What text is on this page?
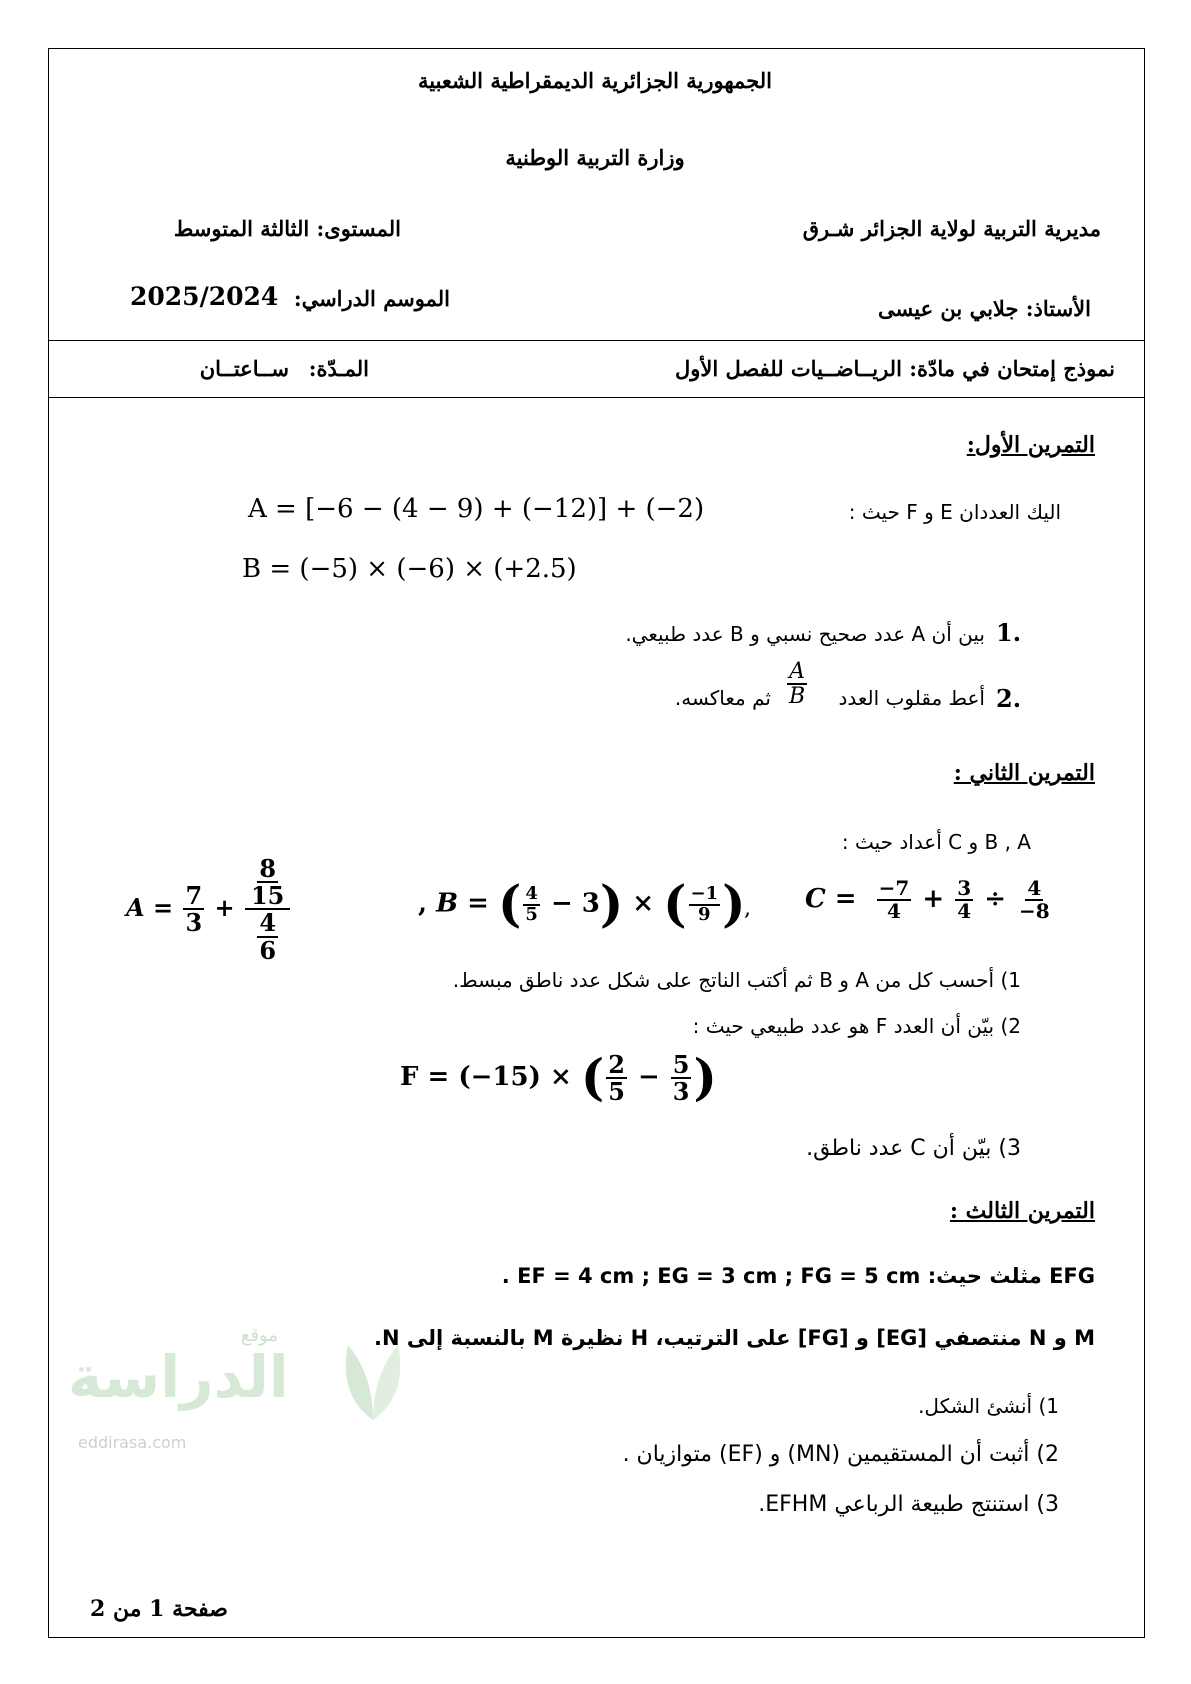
الجمهورية الجزائرية الديمقراطية الشعبية
وزارة التربية الوطنية
مديرية التربية لولاية الجزائر شـرق
المستوى: الثالثة المتوسط
الأستاذ: جلابي بن عيسى
2025/2024 الموسم الدراسي:
نموذج إمتحان في مادّة: الريــاضــيات للفصل الأول
المـدّة:
ســاعتــان
التمرين الأول:
اليك العددان E و F حيث :
A = [−6 − (4 − 9) + (−12)] + (−2)
B = (−5) × (−6) × (+2.5)
1.
بين أن A عدد صحيح نسبي و B عدد طبيعي.
2.
أعط مقلوب العدد
$\frac{A}{B}$
ثم معاكسه.
التمرين الثاني :
B , A و C أعداد حيث :
$A = \frac{7}{3} + \frac{\frac{8}{15}}{\frac{4}{6}}$	, B = ( $\frac{4}{5} - 3$) × ( $\frac{-1}{9}$ )
, $C = \frac{-7}{4} + \frac{3}{4} \div \frac{4}{-8}$
1) أحسب كل من A و B ثم أكتب الناتج على شكل عدد ناطق مبسط.
2) بيّن أن العدد F هو عدد طبيعي حيث :
F = (−15) × ( $\frac{2}{5} - \frac{5}{3}$ )
3) بيّن أن C عدد ناطق.
التمرين الثالث :
EFG مثلث حيث: EF = 4 cm ; EG = 3 cm ; FG = 5 cm .
M و N منتصفي [EG] و [FG] على الترتيب، H نظيرة M بالنسبة إلى N.
1) أنشئ الشكل.
2) أثبت أن المستقيمين (MN) و (EF) متوازيان .
3) استنتج طبيعة الرباعي EFHM.
موقع
الدراسة
eddirasa.com
صفحة 1 من 2
